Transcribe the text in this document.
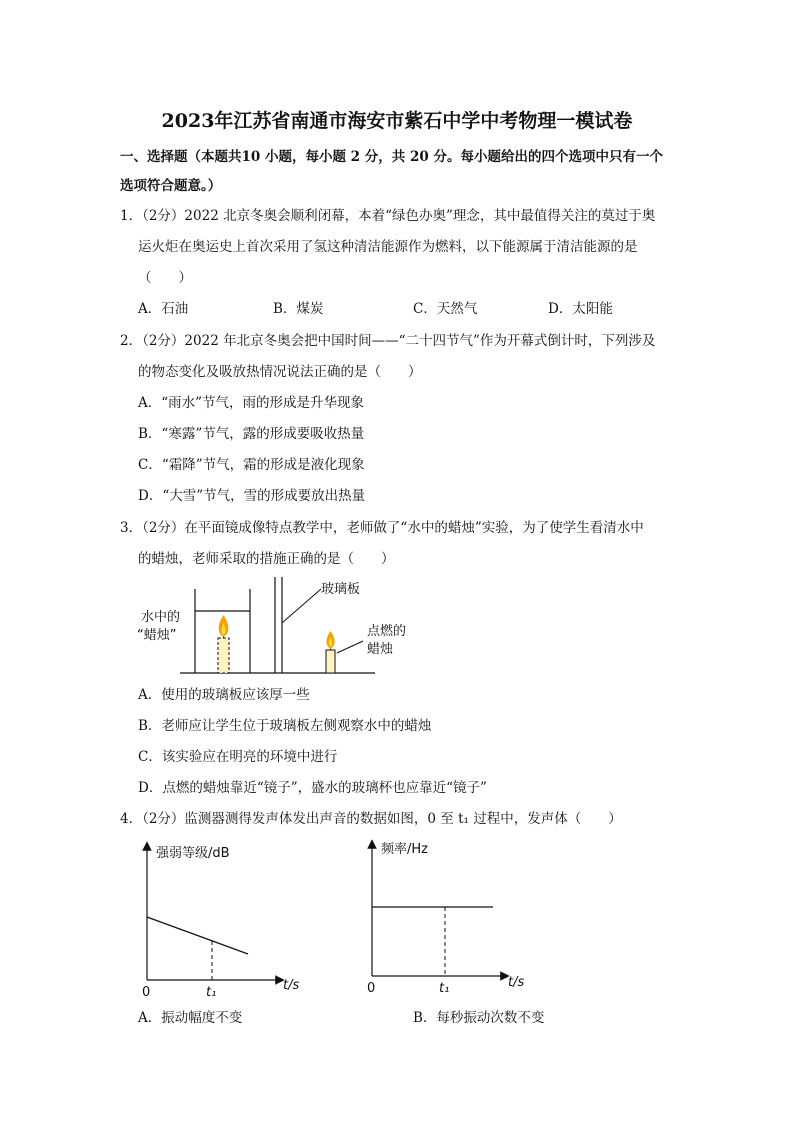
2023年江苏省南通市海安市紫石中学中考物理一模试卷
一、选择题（本题共10 小题，每小题 2 分，共 20 分。每小题给出的四个选项中只有一个
选项符合题意。）
1．（2分）2022 北京冬奥会顺利闭幕，本着“绿色办奥”理念，其中最值得关注的莫过于奥
运火炬在奥运史上首次采用了氢这种清洁能源作为燃料，以下能源属于清洁能源的是
（　　）
A．石油	B．煤炭	C．天然气	D．太阳能
2．（2分）2022 年北京冬奥会把中国时间——“二十四节气”作为开幕式倒计时，下列涉及
的物态变化及吸放热情况说法正确的是（　　）
A．“雨水”节气，雨的形成是升华现象
B．“寒露”节气，露的形成要吸收热量
C．“霜降”节气，霜的形成是液化现象
D．“大雪”节气，雪的形成要放出热量
3．（2分）在平面镜成像特点教学中，老师做了“水中的蜡烛”实验，为了使学生看清水中
的蜡烛，老师采取的措施正确的是（　　）
水中的
“蜡烛”
玻璃板
点燃的
蜡烛
A．使用的玻璃板应该厚一些
B．老师应让学生位于玻璃板左侧观察水中的蜡烛
C．该实验应在明亮的环境中进行
D．点燃的蜡烛靠近“镜子”，盛水的玻璃杯也应靠近“镜子”
4．（2分）监测器测得发声体发出声音的数据如图，0 至 t₁ 过程中，发声体（　　）
强弱等级/dB
t/s
0	t₁
频率/Hz
t/s
0	t₁
A．振动幅度不变	B．每秒振动次数不变
